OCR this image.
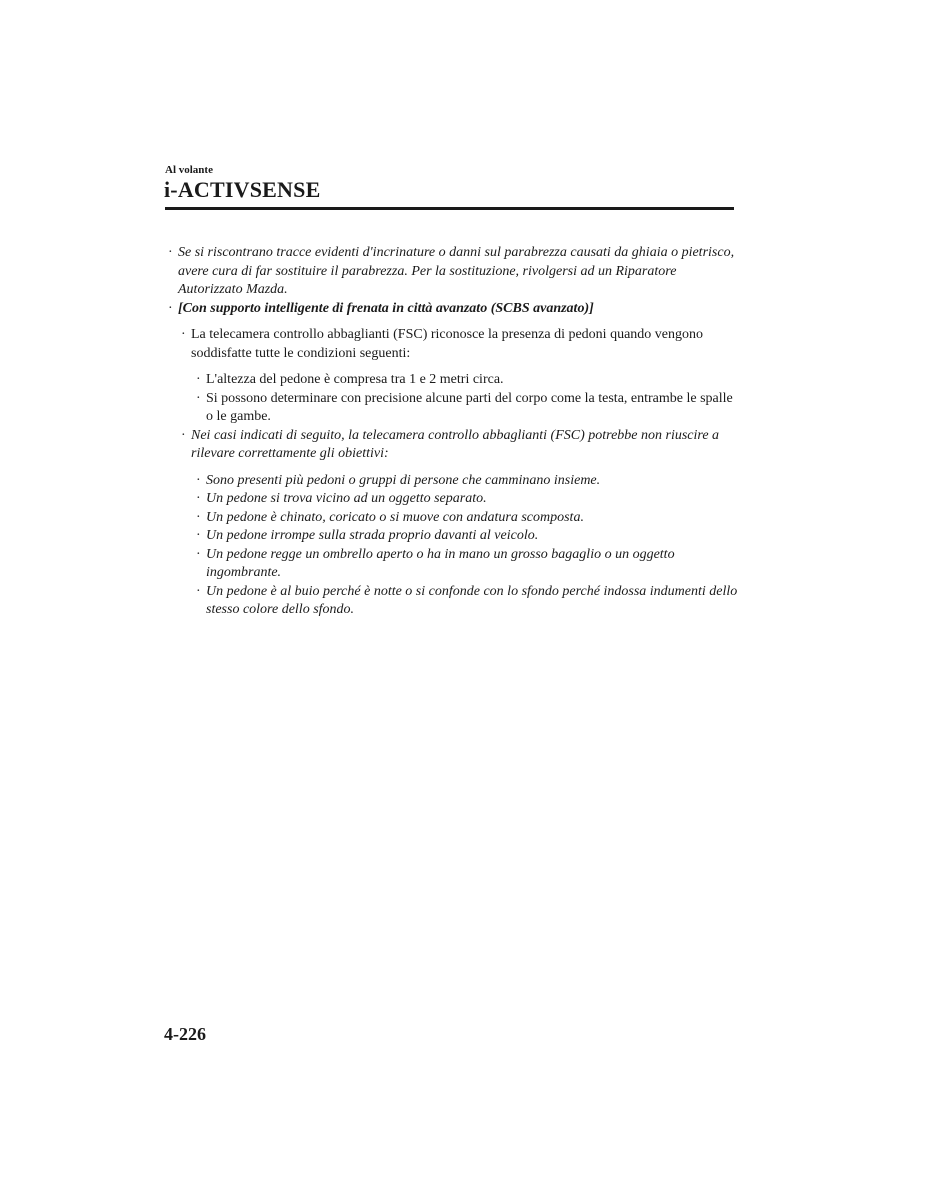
Al volante
i-ACTIVSENSE
· Se si riscontrano tracce evidenti d'incrinature o danni sul parabrezza causati da ghiaia o pietrisco, avere cura di far sostituire il parabrezza. Per la sostituzione, rivolgersi ad un Riparatore Autorizzato Mazda.
· [Con supporto intelligente di frenata in città avanzato (SCBS avanzato)]
· La telecamera controllo abbaglianti (FSC) riconosce la presenza di pedoni quando vengono soddisfatte tutte le condizioni seguenti:
· L'altezza del pedone è compresa tra 1 e 2 metri circa.
· Si possono determinare con precisione alcune parti del corpo come la testa, entrambe le spalle o le gambe.
· Nei casi indicati di seguito, la telecamera controllo abbaglianti (FSC) potrebbe non riuscire a rilevare correttamente gli obiettivi:
· Sono presenti più pedoni o gruppi di persone che camminano insieme.
· Un pedone si trova vicino ad un oggetto separato.
· Un pedone è chinato, coricato o si muove con andatura scomposta.
· Un pedone irrompe sulla strada proprio davanti al veicolo.
· Un pedone regge un ombrello aperto o ha in mano un grosso bagaglio o un oggetto ingombrante.
· Un pedone è al buio perché è notte o si confonde con lo sfondo perché indossa indumenti dello stesso colore dello sfondo.
4-226
